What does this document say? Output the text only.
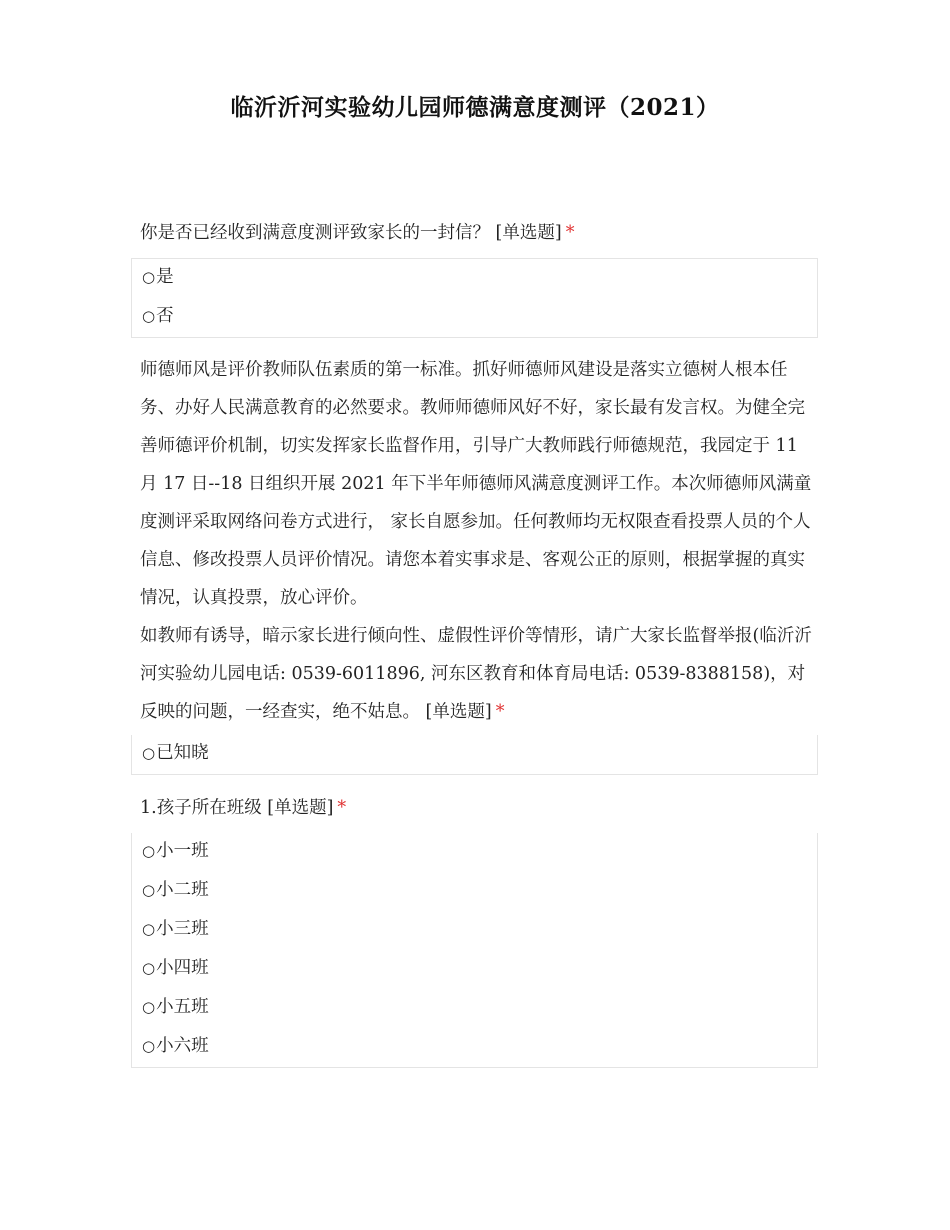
临沂沂河实验幼儿园师德满意度测评（2021）
你是否已经收到满意度测评致家长的一封信？ [单选题] *
○是
○否

师德师风是评价教师队伍素质的第一标准。抓好师德师风建设是落实立德树人根本任务、办好人民满意教育的必然要求。教师师德师风好不好，家长最有发言权。为健全完善师德评价机制，切实发挥家长监督作用，引导广大教师践行师德规范，我园定于 11 月 17 日--18 日组织开展 2021 年下半年师德师风满意度测评工作。本次师德师风满童度测评采取网络问卷方式进行， 家长自愿参加。任何教师均无权限查看投票人员的个人信息、修改投票人员评价情况。请您本着实事求是、客观公正的原则，根据掌握的真实情况，认真投票，放心评价。

如教师有诱导，暗示家长进行倾向性、虚假性评价等情形，请广大家长监督举报(临沂沂河实验幼儿园电话: 0539-6011896, 河东区教育和体育局电话: 0539-8388158)，对反映的问题，一经查实，绝不姑息。 [单选题] *

○已知晓
1.孩子所在班级 [单选题] *
○小一班
○小二班
○小三班
○小四班
○小五班
○小六班
